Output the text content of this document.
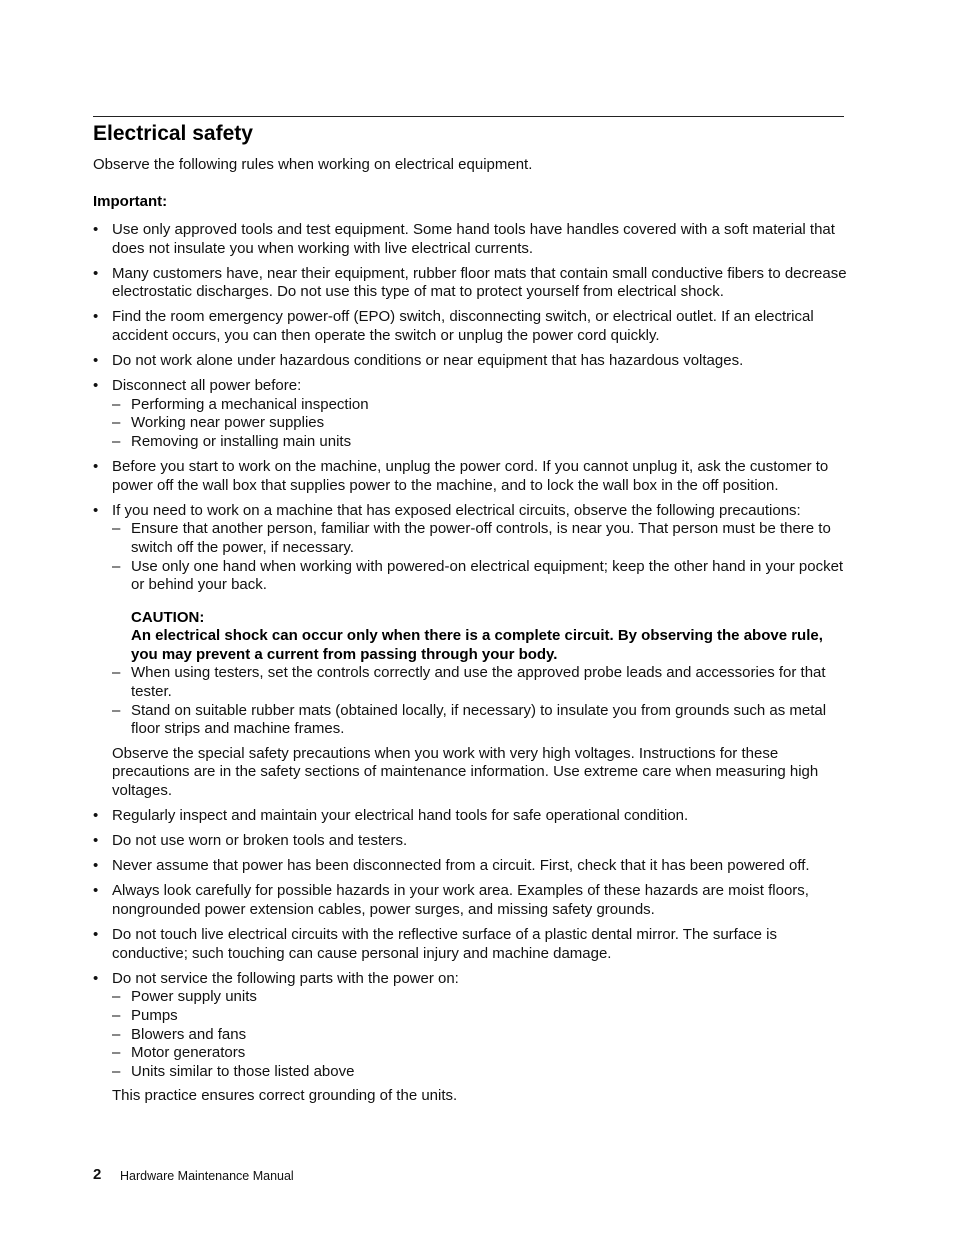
Electrical safety
Observe the following rules when working on electrical equipment.
Important:
• Use only approved tools and test equipment. Some hand tools have handles covered with a soft material that does not insulate you when working with live electrical currents.
• Many customers have, near their equipment, rubber floor mats that contain small conductive fibers to decrease electrostatic discharges. Do not use this type of mat to protect yourself from electrical shock.
• Find the room emergency power-off (EPO) switch, disconnecting switch, or electrical outlet. If an electrical accident occurs, you can then operate the switch or unplug the power cord quickly.
• Do not work alone under hazardous conditions or near equipment that has hazardous voltages.
• Disconnect all power before:
– Performing a mechanical inspection
– Working near power supplies
– Removing or installing main units
• Before you start to work on the machine, unplug the power cord. If you cannot unplug it, ask the customer to power off the wall box that supplies power to the machine, and to lock the wall box in the off position.
• If you need to work on a machine that has exposed electrical circuits, observe the following precautions:
– Ensure that another person, familiar with the power-off controls, is near you. That person must be there to switch off the power, if necessary.
– Use only one hand when working with powered-on electrical equipment; keep the other hand in your pocket or behind your back.
CAUTION:
An electrical shock can occur only when there is a complete circuit. By observing the above rule, you may prevent a current from passing through your body.
– When using testers, set the controls correctly and use the approved probe leads and accessories for that tester.
– Stand on suitable rubber mats (obtained locally, if necessary) to insulate you from grounds such as metal floor strips and machine frames.
Observe the special safety precautions when you work with very high voltages. Instructions for these precautions are in the safety sections of maintenance information. Use extreme care when measuring high voltages.
• Regularly inspect and maintain your electrical hand tools for safe operational condition.
• Do not use worn or broken tools and testers.
• Never assume that power has been disconnected from a circuit. First, check that it has been powered off.
• Always look carefully for possible hazards in your work area. Examples of these hazards are moist floors, nongrounded power extension cables, power surges, and missing safety grounds.
• Do not touch live electrical circuits with the reflective surface of a plastic dental mirror. The surface is conductive; such touching can cause personal injury and machine damage.
• Do not service the following parts with the power on:
– Power supply units
– Pumps
– Blowers and fans
– Motor generators
– Units similar to those listed above
This practice ensures correct grounding of the units.
2 Hardware Maintenance Manual
